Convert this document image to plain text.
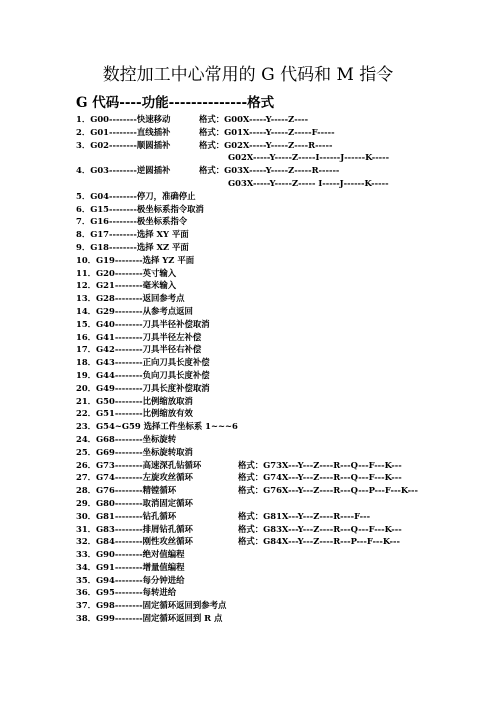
数控加工中心常用的 G 代码和 M 指令
G 代码----功能--------------格式
1．G00--------快速移动	格式：G00X-----Y-----Z----
2．G01--------直线插补	格式：G01X-----Y-----Z-----F-----
3．G02--------顺圆插补	格式：G02X-----Y-----Z----R-----
G02X-----Y-----Z-----I------J------K-----
4．G03--------逆圆插补	格式：G03X-----Y-----Z-----R------
G03X-----Y-----Z----- I-----J------K-----
5．G04--------停刀，准确停止
6．G15--------极坐标系指令取消
7．G16--------极坐标系指令
8．G17--------选择 XY 平面
9．G18--------选择 XZ 平面
10．G19--------选择 YZ 平面
11．G20--------英寸输入
12．G21--------毫米输入
13．G28--------返回参考点
14．G29--------从参考点返回
15．G40--------刀具半径补偿取消
16．G41--------刀具半径左补偿
17．G42--------刀具半径右补偿
18．G43--------正向刀具长度补偿
19．G44--------负向刀具长度补偿
20．G49--------刀具长度补偿取消
21．G50--------比例缩放取消
22．G51--------比例缩放有效
23．G54~G59 选择工件坐标系 1~~~6
24．G68--------坐标旋转
25．G69--------坐标旋转取消
26．G73--------高速深孔钻循环	格式：G73X---Y---Z----R---Q---F---K---
27．G74--------左旋攻丝循环	格式：G74X---Y---Z----R---Q---F---K---
28．G76--------精镗循环	格式：G76X---Y---Z----R---Q---P---F---K---
29．G80--------取消固定循环
30．G81--------钻孔循环	格式：G81X---Y---Z----R----F---
31．G83--------排屑钻孔循环	格式：G83X---Y---Z----R---Q---F---K---
32．G84--------刚性攻丝循环	格式：G84X---Y---Z----R---P---F---K---
33．G90--------绝对值编程
34．G91--------增量值编程
35．G94--------每分钟进给
36．G95--------每转进给
37．G98--------固定循环返回到参考点
38．G99--------固定循环返回到 R 点
